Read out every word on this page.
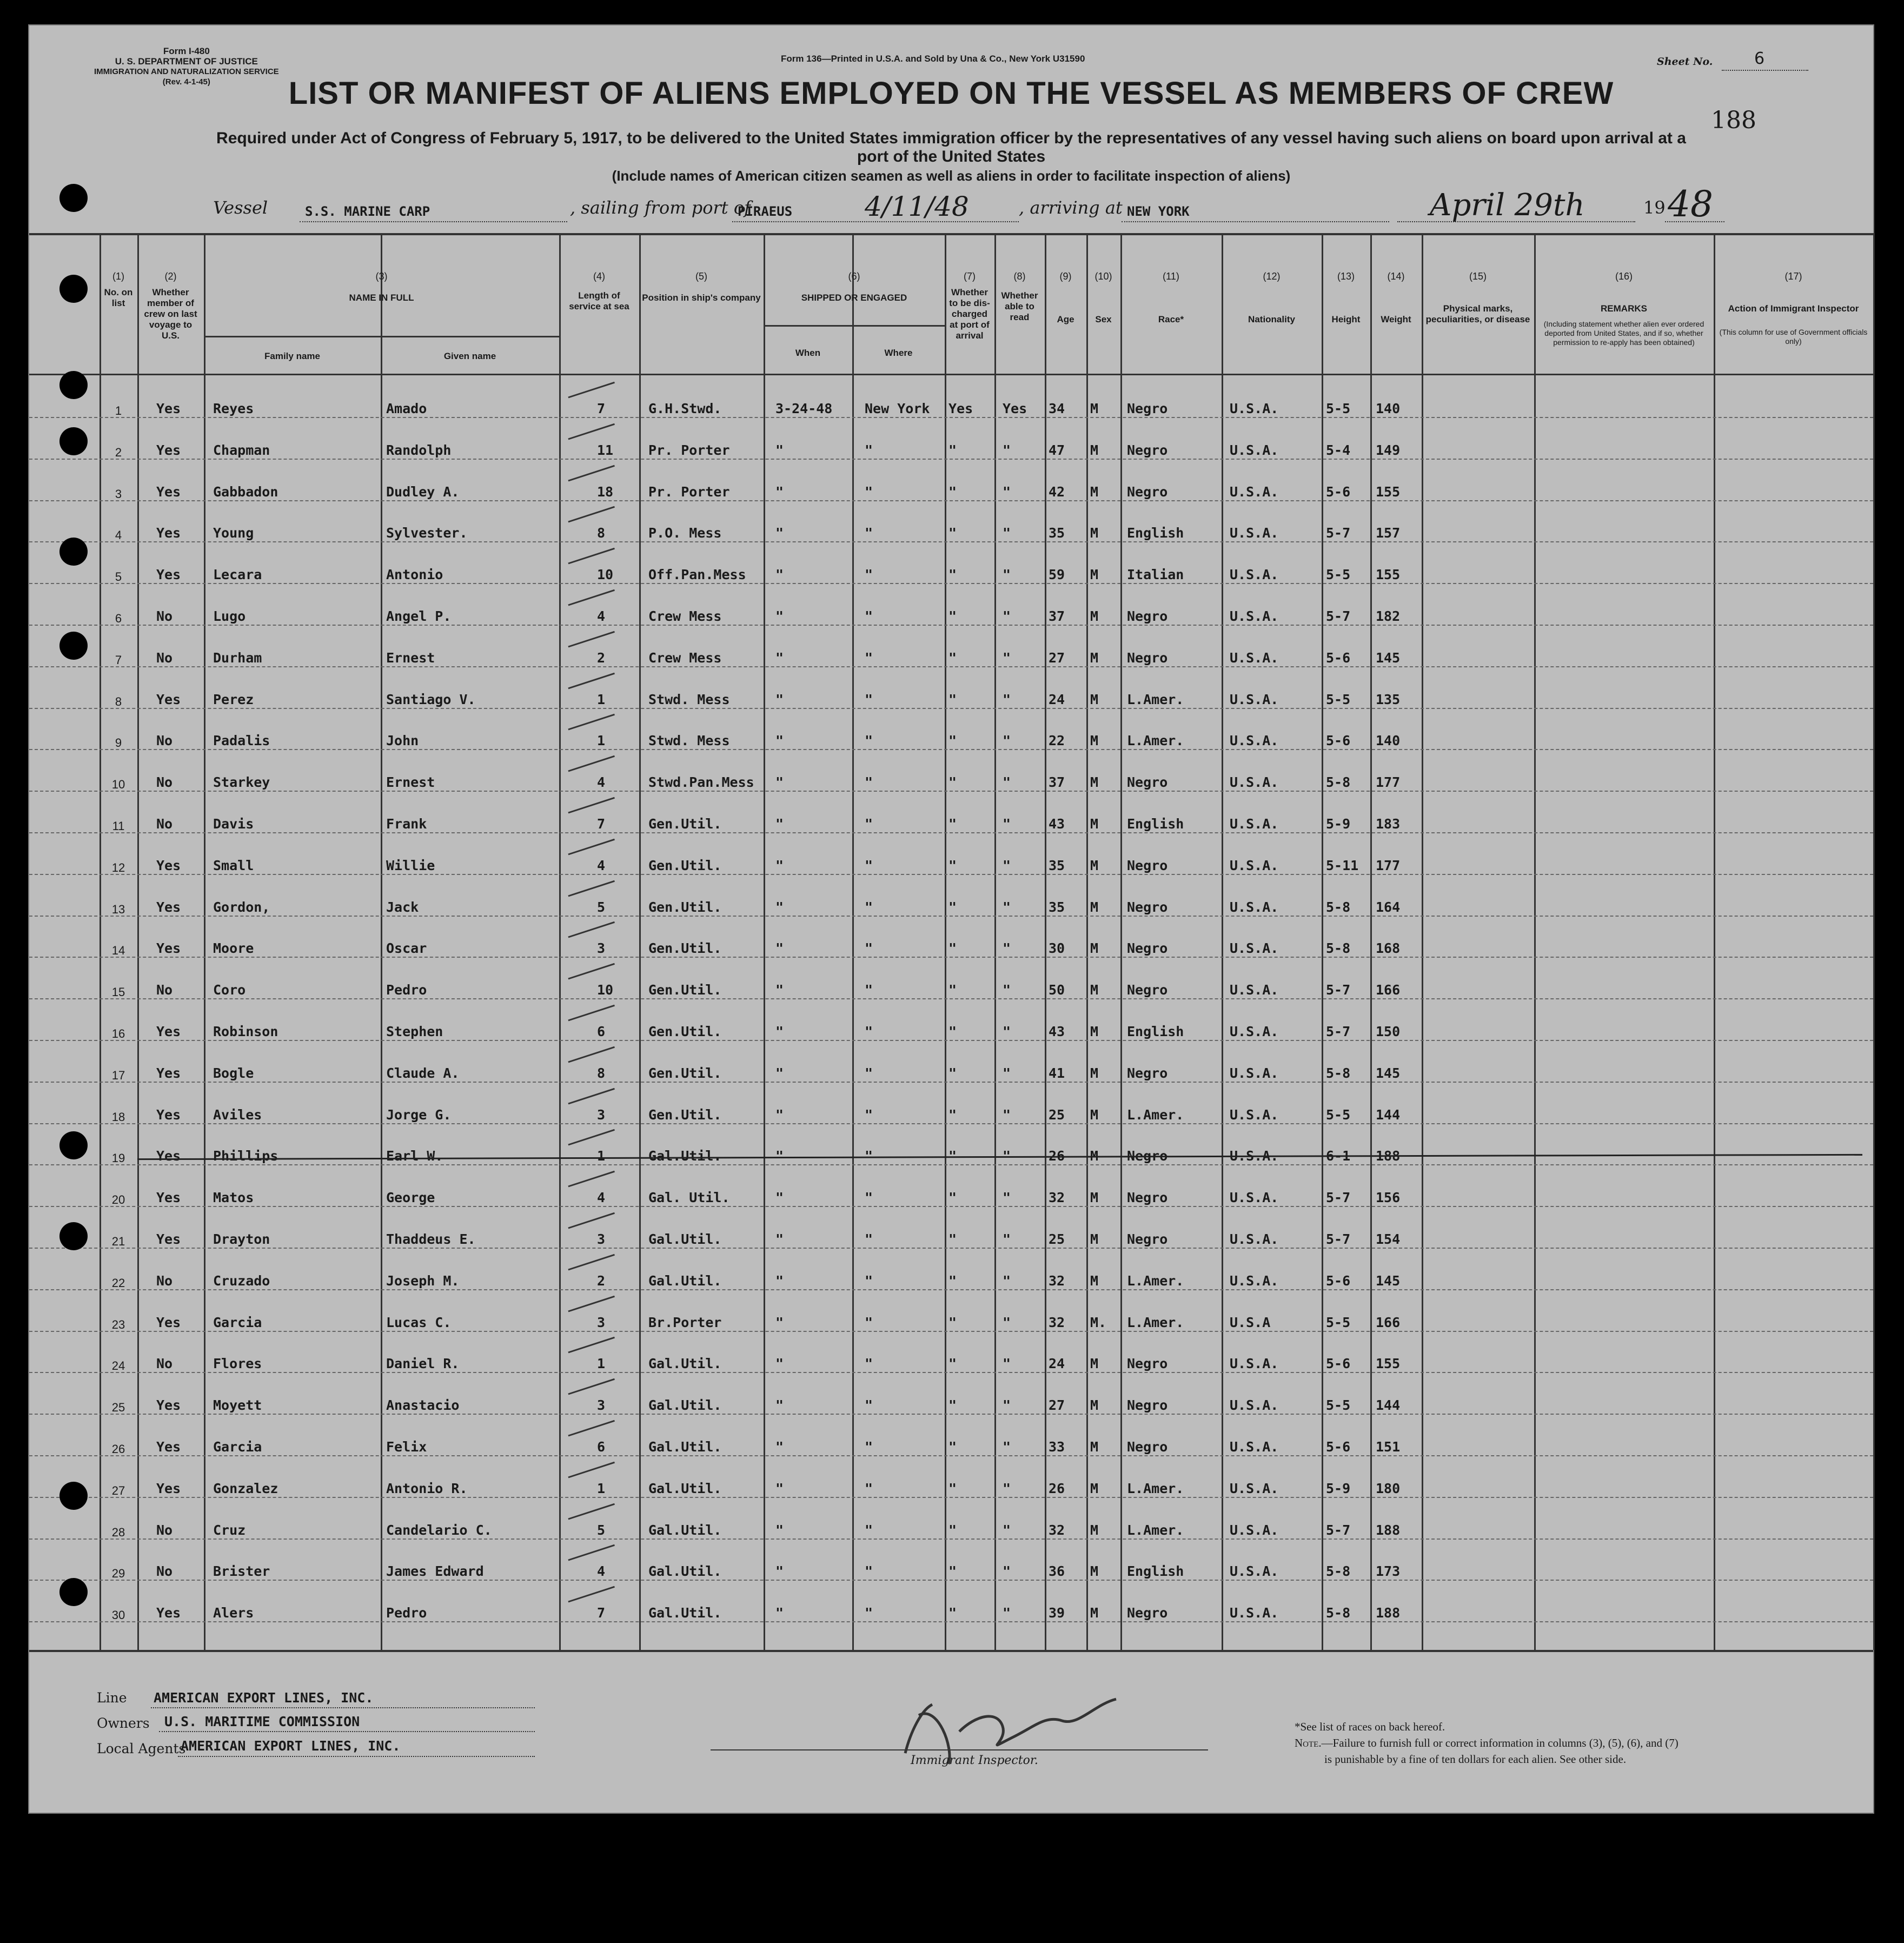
Form I-480
U. S. DEPARTMENT OF JUSTICE
IMMIGRATION AND NATURALIZATION SERVICE
(Rev. 4-1-45)
Form 136—Printed in U.S.A. and Sold by Una & Co., New York U31590	Sheet No.	6
188
LIST OR MANIFEST OF ALIENS EMPLOYED ON THE VESSEL AS MEMBERS OF CREW
Required under Act of Congress of February 5, 1917, to be delivered to the United States immigration officer by the representatives of any vessel having such aliens on board upon arrival at a
port of the United States
(Include names of American citizen seamen as well as aliens in order to facilitate inspection of aliens)
Vessel	S.S. MARINE CARP	, sailing from port of
PIRAEUS	4/11/48	, arriving at NEW YORK	April 29th	19 48
(1)
No. on list
(2)
Whether member of crew on last voyage to U.S.
(3)
NAME IN FULL
(4)
Length of service at sea
(5)
Position in ship's company
(6)
SHIPPED OR ENGAGED
(7)
Whether to be dis-charged at port of arrival
(8)
Whether able to read
(9)
Age
(10)
Sex
(11)
Race*
(12)
Nationality
(13)
Height
(14)
Weight
(15)
Physical marks, peculiarities, or disease
(16)
REMARKS
(17)
Action of Immigrant Inspector
Family name	Given name	When	Where
(Including statement whether alien ever ordered deported from United States, and if so, whether permission to re-apply has been obtained)
(This column for use of Government officials only)
1	Yes Reyes	Amado	7	G.H.Stwd.	3-24-48 New York Yes Yes 34 M Negro	U.S.A.	5-5 140
2	Yes Chapman	Randolph	11	Pr. Porter	"	"	"	"	47 M Negro	U.S.A.	5-4 149
3	Yes Gabbadon	Dudley A.	18	Pr. Porter	"	"	"	"	42 M Negro	U.S.A.	5-6 155
4	Yes Young	Sylvester.	8	P.O. Mess	"	"	"	"	35 M English	U.S.A.	5-7 157
5	Yes Lecara	Antonio	10	Off.Pan.Mess "	"	"	"	59 M Italian	U.S.A.	5-5 155
6	No	Lugo	Angel P.	4	Crew Mess	"	"	"	"	37 M Negro	U.S.A.	5-7 182
7	No	Durham	Ernest	2	Crew Mess	"	"	"	"	27 M Negro	U.S.A.	5-6 145
8	Yes Perez	Santiago V.	1	Stwd. Mess	"	"	"	"	24 M L.Amer.	U.S.A.	5-5 135
9	No	Padalis	John	1	Stwd. Mess	"	"	"	"	22 M L.Amer.	U.S.A.	5-6 140
10	No	Starkey	Ernest	4	Stwd.Pan.Mess "	"	"	"	37 M Negro	U.S.A.	5-8 177
11	No	Davis	Frank	7	Gen.Util.	"	"	"	"	43 M English	U.S.A.	5-9 183
12	Yes Small	Willie	4	Gen.Util.	"	"	"	"	35 M Negro	U.S.A.	5-11 177
13	Yes Gordon,	Jack	5	Gen.Util.	"	"	"	"	35 M Negro	U.S.A.	5-8 164
14	Yes Moore	Oscar	3	Gen.Util.	"	"	"	"	30 M Negro	U.S.A.	5-8 168
15	No	Coro	Pedro	10	Gen.Util.	"	"	"	"	50 M Negro	U.S.A.	5-7 166
16	Yes Robinson	Stephen	6	Gen.Util.	"	"	"	"	43 M English	U.S.A.	5-7 150
17	Yes Bogle	Claude A.	8	Gen.Util.	"	"	"	"	41 M Negro	U.S.A.	5-8 145
18	Yes Aviles	Jorge G.	3	Gen.Util.	"	"	"	"	25 M L.Amer.	U.S.A.	5-5 144
19	Yes Phillips	Earl W.	1	Gal.Util.	"	"	"	"	26 M Negro	U.S.A.	6-1 188
20	Yes Matos	George	4	Gal. Util.	"	"	"	"	32 M Negro	U.S.A.	5-7 156
21	Yes Drayton	Thaddeus E.	3	Gal.Util.	"	"	"	"	25 M Negro	U.S.A.	5-7 154
22	No	Cruzado	Joseph M.	2	Gal.Util.	"	"	"	"	32 M L.Amer.	U.S.A.	5-6 145
23	Yes Garcia	Lucas C.	3	Br.Porter	"	"	"	"	32 M. L.Amer.	U.S.A	5-5 166
24	No	Flores	Daniel R.	1	Gal.Util.	"	"	"	"	24 M Negro	U.S.A.	5-6 155
25	Yes Moyett	Anastacio	3	Gal.Util.	"	"	"	"	27 M Negro	U.S.A.	5-5 144
26	Yes Garcia	Felix	6	Gal.Util.	"	"	"	"	33 M Negro	U.S.A.	5-6 151
27	Yes Gonzalez	Antonio R.	1	Gal.Util.	"	"	"	"	26 M L.Amer.	U.S.A.	5-9 180
28	No	Cruz	Candelario C.	5	Gal.Util.	"	"	"	"	32 M L.Amer.	U.S.A.	5-7 188
29	No	Brister	James Edward	4	Gal.Util.	"	"	"	"	36 M English	U.S.A.	5-8 173
30	Yes Alers	Pedro	7	Gal.Util.	"	"	"	"	39 M Negro	U.S.A.	5-8 188
Line AMERICAN EXPORT LINES, INC.
Owners U.S. MARITIME COMMISSION
Local Agents
AMERICAN EXPORT LINES, INC.
Immigrant Inspector.
*See list of races on back hereof.
Note.—Failure to furnish full or correct information in columns (3), (5), (6), and (7)
is punishable by a fine of ten dollars for each alien. See other side.
